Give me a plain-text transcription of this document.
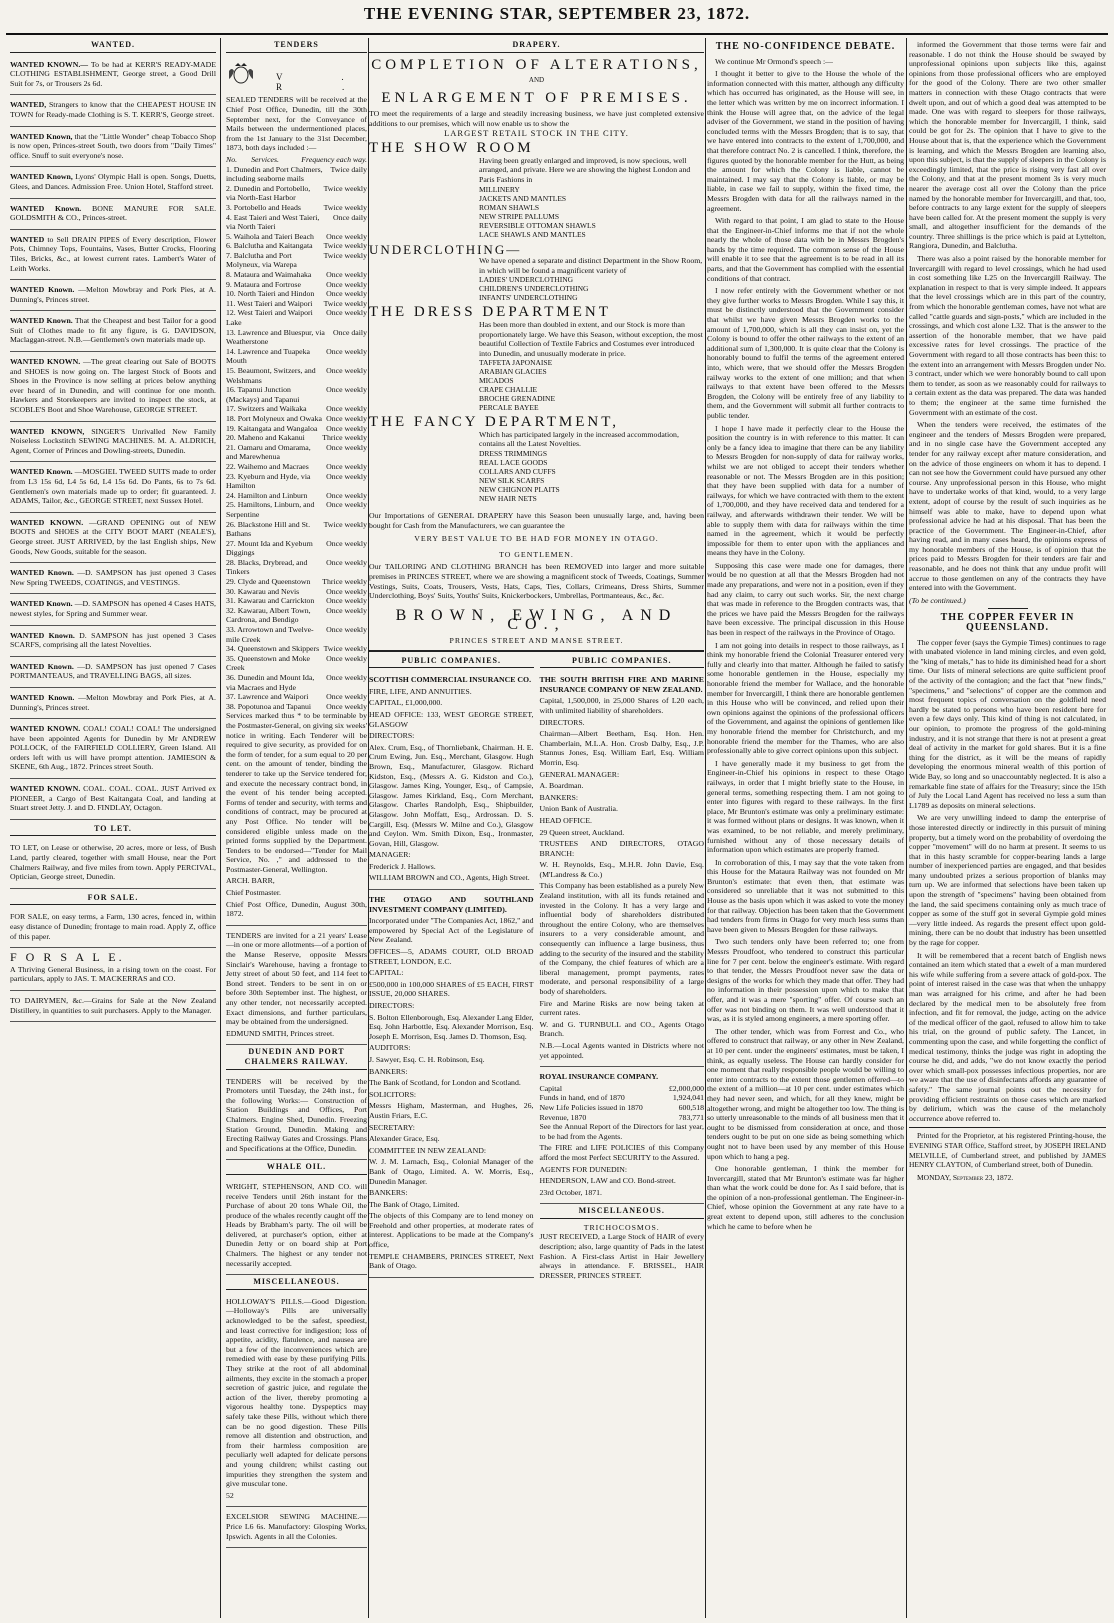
THE EVENING STAR, SEPTEMBER 23, 1872.
WANTED.

WANTED KNOWN.— To be had at KERR'S READY-MADE CLOTHING ESTABLISHMENT, George street, a Good Drill Suit for 7s, or Trousers 2s 6d.

WANTED, Strangers to know that the CHEAPEST HOUSE IN TOWN for Ready-made Clothing is S. T. KERR'S, George street.

WANTED Known, that the "Little Wonder" cheap Tobacco Shop is now open, Princes-street South, two doors from "Daily Times" office. Snuff to suit everyone's nose.

WANTED Known, Lyons' Olympic Hall is open. Songs, Duetts, Glees, and Dances. Admission Free. Union Hotel, Stafford street.

WANTED Known. BONE MANURE FOR SALE. GOLDSMITH & CO., Princes-street.

WANTED to Sell DRAIN PIPES of Every description, Flower Pots, Chimney Tops, Fountains, Vases, Butter Crocks, Flooring Tiles, Bricks, &c., at lowest current rates. Lambert's Water of Leith Works.

WANTED Known. —Melton Mowbray and Pork Pies, at A. Dunning's, Princes street.

WANTED Known. That the Cheapest and best Tailor for a good Suit of Clothes made to fit any figure, is G. DAVIDSON, Maclaggan-street. N.B.—Gentlemen's own materials made up.

WANTED KNOWN. —The great clearing out Sale of BOOTS and SHOES is now going on. The largest Stock of Boots and Shoes in the Province is now selling at prices below anything ever heard of in Dunedin, and will continue for one month. Hawkers and Storekeepers are invited to inspect the stock, at SCOBLE'S Boot and Shoe Warehouse, GEORGE STREET.

WANTED KNOWN, SINGER'S Unrivalled New Family Noiseless Lockstitch SEWING MACHINES. M. A. ALDRICH, Agent, Corner of Princes and Dowling-streets, Dunedin.

WANTED Known. —MOSGIEL TWEED SUITS made to order from L3 15s 6d, L4 5s 6d, L4 15s 6d. Do Pants, 6s to 7s 6d. Gentlemen's own materials made up to order; fit guaranteed. J. ADAMS, Tailor, &c., GEORGE STREET, next Sussex Hotel.

WANTED KNOWN. —GRAND OPENING out of NEW BOOTS and SHOES at the CITY BOOT MART (NEALE'S), George street. JUST ARRIVED, by the last English ships, New Goods, New Goods, suitable for the season.

WANTED Known. —D. SAMPSON has just opened 3 Cases New Spring TWEEDS, COATINGS, and VESTINGS.

WANTED Known. —D. SAMPSON has opened 4 Cases HATS, newest styles, for Spring and Summer wear.

WANTED Known. D. SAMPSON has just opened 3 Cases SCARFS, comprising all the latest Novelties.

WANTED Known. —D. SAMPSON has just opened 7 Cases PORTMANTEAUS, and TRAVELLING BAGS, all sizes.

WANTED Known. —Melton Mowbray and Pork Pies, at A. Dunning's, Princes street.

WANTED KNOWN. COAL! COAL! COAL! The undersigned have been appointed Agents for Dunedin by Mr ANDREW POLLOCK, of the FAIRFIELD COLLIERY, Green Island. All orders left with us will have prompt attention. JAMIESON & SKENE, 6th Aug., 1872. Princes street South.

WANTED KNOWN. COAL. COAL. COAL. JUST Arrived ex PIONEER, a Cargo of Best Kaitangata Coal, and landing at Stuart street Jetty. J. and D. FINDLAY, Octagon.

TO LET.

TO LET, on Lease or otherwise, 20 acres, more or less, of Bush Land, partly cleared, together with small House, near the Port Chalmers Railway, and five miles from town. Apply PERCIVAL, Optician, George street, Dunedin.

FOR SALE.

FOR SALE, on easy terms, a Farm, 130 acres, fenced in, within easy distance of Dunedin; frontage to main road. Apply Z, office of this paper.

F O R S A L E.

A Thriving General Business, in a rising town on the coast. For particulars, apply to JAS. T. MACKERRAS and CO.

TO DAIRYMEN, &c.—Grains for Sale at the New Zealand Distillery, in quantities to suit purchasers. Apply to the Manager.

TENDERS
V. R.

SEALED TENDERS will be received at the Chief Post Office, Dunedin, till the 30th September next, for the Conveyance of Mails between the undermentioned places, from the 1st January to the 31st December, 1873, both days included :—

No.	Services.	Frequency each way.
1. Dunedin and Port Chalmers, including seaborne mails
Twice daily
2. Dunedin and Portobello, via North-East Harbor
Twice weekly
3. Portobello and Heads	Twice weekly
4. East Taieri and West Taieri, via North Taieri
Once daily
5. Waihola and Taieri Beach	Once weekly
6. Balclutha and Kaitangata	Twice weekly
7. Balclutha and Port Molyneux, via Warepa
Twice weekly
8. Mataura and Waimahaka	Once weekly
9. Mataura and Fortrose	Once weekly
10. North Taieri and Hindon	Once weekly
11. West Taieri and Waipori	Twice weekly
12. West Taieri and Waipori Lake
Once weekly
13. Lawrence and Bluespur, via Weatherstone
Once daily
14. Lawrence and Tuapeka Mouth
Once weekly
15. Beaumont, Switzers, and Welshmans
Once weekly
16. Tapanui Junction (Mackays) and Tapanui
Once weekly
17. Switzers and Waikaka	Once weekly
18. Port Molyneux and Owaka Once weekly
19. Kaitangata and Wangaloa	Once weekly
20. Maheno and Kakanui	Thrice weekly
21. Oamaru and Omarama, and Marewhenua
Once weekly
22. Waihemo and Macraes	Once weekly
23. Kyeburn and Hyde, via Hamilton
Once weekly
24. Hamilton and Linburn	Once weekly
25. Hamiltons, Linburn, and Serpentine
Once weekly
26. Blackstone Hill and St. Bathans
Twice weekly
27. Mount Ida and Kyeburn Diggings
Once weekly
28. Blacks, Drybread, and Tinkers
Once weekly
29. Clyde and Queenstown	Thrice weekly
30. Kawarau and Nevis	Once weekly
31. Kawarau and Carrickton	Once weekly
32. Kawarau, Albert Town, Cardrona, and Bendigo
Once weekly
33. Arrowtown and Twelve-mile Creek
Once weekly
34. Queenstown and Skippers Twice weekly
35. Queenstown and Moke Creek
Once weekly
36. Dunedin and Mount Ida, via Macraes and Hyde
Once weekly
37. Lawrence and Waipori	Once weekly
38. Popotunoa and Tapanui	Once weekly

Services marked thus * to be terminable by the Postmaster-General, on giving six weeks' notice in writing. Each Tenderer will be required to give security, as provided for on the form of tender, for a sum equal to 20 per cent. on the amount of tender, binding the tenderer to take up the Service tendered for, and execute the necessary contract bond, in the event of his tender being accepted. Forms of tender and security, with terms and conditions of contract, may be procured at any Post Office. No tender will be considered eligible unless made on the printed forms supplied by the Department. Tenders to be endorsed—"Tender for Mail Service, No. ," and addressed to the Postmaster-General, Wellington.

ARCH. BARR,

Chief Postmaster.

Chief Post Office, Dunedin, August 30th, 1872.

TENDERS are invited for a 21 years' Lease—in one or more allotments—of a portion of the Manse Reserve, opposite Messrs Sinclair's Warehouse, having a frontage to Jetty street of about 50 feet, and 114 feet to Bond street. Tenders to be sent in on or before 30th September inst. The highest, or any other tender, not necessarily accepted. Exact dimensions, and further particulars, may be obtained from the undersigned.

EDMUND SMITH, Princes street.

DUNEDIN AND PORT CHALMERS RAILWAY.

TENDERS will be received by the Promoters until Tuesday, the 24th inst., for the following Works:— Construction of Station Buildings and Offices, Port Chalmers. Engine Shed, Dunedin. Freezing Station Ground, Dunedin. Making and Erecting Railway Gates and Crossings. Plans and Specifications at the Office, Dunedin.

WHALE OIL.

WRIGHT, STEPHENSON, AND CO. will receive Tenders until 26th instant for the Purchase of about 20 tons Whale Oil, the produce of the whales recently caught off the Heads by Brabham's party. The oil will be delivered, at purchaser's option, either at Dunedin Jetty or on board ship at Port Chalmers. The highest or any tender not necessarily accepted.

MISCELLANEOUS.

HOLLOWAY'S PILLS.—Good Digestion.—Holloway's Pills are universally acknowledged to be the safest, speediest, and least corrective for indigestion; loss of appetite, acidity, flatulence, and nausea are but a few of the inconveniences which are remedied with ease by these purifying Pills. They strike at the root of all abdominal ailments, they excite in the stomach a proper secretion of gastric juice, and regulate the action of the liver, thereby promoting a vigorous healthy tone. Dyspeptics may safely take these Pills, without which there can be no good digestion. These Pills remove all distention and obstruction, and from their harmless composition are peculiarly well adapted for delicate persons and young children; whilst casting out impurities they strengthen the system and give muscular tone.

52

EXCELSIOR SEWING MACHINE.— Price L6 6s. Manufactory: Glosping Works, Ipswich. Agents in all the Colonies.

DRAPERY.
COMPLETION OF ALTERATIONS,
AND
ENLARGEMENT OF PREMISES.

TO meet the requirements of a large and steadily increasing business, we have just completed extensive additions to our premises, which will now enable us to show the

LARGEST RETAIL STOCK IN THE CITY.

THE SHOW ROOM

Having been greatly enlarged and improved, is now specious, well arranged, and private. Here we are showing the highest London and Paris Fashions in

MILLINERY
JACKETS AND MANTLES
ROMAN SHAWLS
NEW STRIPE PALLUMS
REVERSIBLE OTTOMAN SHAWLS
LACE SHAWLS AND MANTLES
UNDERCLOTHING—

We have opened a separate and distinct Department in the Show Room, in which will be found a magnificent variety of

LADIES' UNDERCLOTHING
CHILDREN'S UNDERCLOTHING
INFANTS' UNDERCLOTHING
THE DRESS DEPARTMENT

Has been more than doubled in extent, and our Stock is more than proportionately large. We have this Season, without exception, the most beautiful Collection of Textile Fabrics and Costumes ever introduced into Dunedin, and unusually moderate in price.

TAFFETA JAPONAISE
ARABIAN GLACIES
MICADOS
CRAPE CHALLIE
BROCHE GRENADINE
PERCALE BAYEE
THE FANCY DEPARTMENT,

Which has participated largely in the increased accommodation, contains all the Latest Novelties.

DRESS TRIMMINGS
REAL LACE GOODS
COLLARS AND CUFFS
NEW SILK SCARFS
NEW CHIGNON PLAITS
NEW HAIR NETS

Our Importations of GENERAL DRAPERY have this Season been unusually large, and, having been bought for Cash from the Manufacturers, we can guarantee the

VERY BEST VALUE TO BE HAD FOR MONEY IN OTAGO.

TO GENTLEMEN.

Our TAILORING AND CLOTHING BRANCH has been REMOVED into larger and more suitable premises in PRINCES STREET, where we are showing a magnificent stock of Tweeds, Coatings, Summer Vestings, Suits, Coats, Trousers, Vests, Hats, Caps, Ties, Collars, Crimeans, Dress Shirts, Summer Underclothing, Boys' Suits, Youths' Suits, Knickerbockers, Umbrellas, Portmanteaus, &c., &c.

BROWN, EWING, AND CO.,

PRINCES STREET AND MANSE STREET.

PUBLIC COMPANIES.

SCOTTISH COMMERCIAL INSURANCE CO.

FIRE, LIFE, AND ANNUITIES.

CAPITAL, £1,000,000.

HEAD OFFICE: 133, WEST GEORGE STREET, GLASGOW

DIRECTORS:

Alex. Crum, Esq., of Thornliebank, Chairman. H. E. Crum Ewing, Jun. Esq., Merchant, Glasgow. Hugh Brown, Esq., Manufacturer, Glasgow. Richard Kidston, Esq., (Messrs A. G. Kidston and Co.), Glasgow. James King, Younger, Esq., of Campsie, Glasgow. James Kirkland, Esq., Corn Merchant, Glasgow. Charles Randolph, Esq., Shipbuilder, Glasgow. John Moffatt, Esq., Ardrossan. D. S. Cargill, Esq. (Messrs W. Milne and Co.), Glasgow and Ceylon. Wm. Smith Dixon, Esq., Ironmaster, Govan, Hill, Glasgow.

MANAGER:

Frederick J. Hallows.

WILLIAM BROWN and CO., Agents, High Street.

THE OTAGO AND SOUTHLAND INVESTMENT COMPANY (LIMITED).

Incorporated under "The Companies Act, 1862," and empowered by Special Act of the Legislature of New Zealand.

OFFICES—5, ADAMS COURT, OLD BROAD STREET, LONDON, E.C.

CAPITAL:

£500,000 in 100,000 SHARES of £5 EACH, FIRST ISSUE, 20,000 SHARES.

DIRECTORS:

S. Bolton Ellenborough, Esq. Alexander Lang Elder, Esq. John Harbottle, Esq. Alexander Morrison, Esq. Joseph E. Morrison, Esq. James D. Thomson, Esq.

AUDITORS:

J. Sawyer, Esq. C. H. Robinson, Esq.

BANKERS:

The Bank of Scotland, for London and Scotland.

SOLICITORS:

Messrs Higham, Masterman, and Hughes, 26, Austin Friars, E.C.

SECRETARY:

Alexander Grace, Esq.

COMMITTEE IN NEW ZEALAND:

W. J. M. Larnach, Esq., Colonial Manager of the Bank of Otago, Limited. A. W. Morris, Esq., Dunedin Manager.

BANKERS:

The Bank of Otago, Limited.

The objects of this Company are to lend money on Freehold and other properties, at moderate rates of interest. Applications to be made at the Company's office,

TEMPLE CHAMBERS, PRINCES STREET, Next Bank of Otago.

PUBLIC COMPANIES.

THE SOUTH BRITISH FIRE AND MARINE INSURANCE COMPANY OF NEW ZEALAND.

Capital, 1,500,000, in 25,000 Shares of L20 each, with unlimited liability of shareholders.

DIRECTORS.

Chairman—Albert Beetham, Esq. Hon. Hen. Chamberlain, M.L.A. Hon. Crosb Dalby, Esq., J.P. Stannus Jones, Esq. William Earl, Esq. William Morrin, Esq.

GENERAL MANAGER:

A. Boardman.

BANKERS:

Union Bank of Australia.

HEAD OFFICE.

29 Queen street, Auckland.

TRUSTEES AND DIRECTORS, OTAGO BRANCH:

W. H. Reynolds, Esq., M.H.R. John Davie, Esq. (M'Landress & Co.)

This Company has been established as a purely New Zealand institution, with all its funds retained and invested in the Colony. It has a very large and influential body of shareholders distributed throughout the entire Colony, who are themselves insurers to a very considerable amount, and consequently can influence a large business, thus adding to the security of the insured and the stability of the Company, the chief features of which are a liberal management, prompt payments, rates moderate, and personal responsibility of a large body of shareholders.

Fire and Marine Risks are now being taken at current rates.

W. and G. TURNBULL and CO., Agents Otago Branch.

N.B.—Local Agents wanted in Districts where not yet appointed.

ROYAL INSURANCE COMPANY.

Capital	£2,000,000
Funds in hand, end of 1870	1,924,041
New Life Policies issued in 1870	600,518
Revenue, 1870	783,771

See the Annual Report of the Directors for last year, to be had from the Agents.

The FIRE and LIFE POLICIES of this Company afford the most Perfect SECURITY to the Assured.

AGENTS FOR DUNEDIN:

HENDERSON, LAW and CO. Bond-street.

23rd October, 1871.

MISCELLANEOUS.

TRICHOCOSMOS.

JUST RECEIVED, a Large Stock of HAIR of every description; also, large quantity of Pads in the latest Fashion. A First-class Artist in Hair Jewellery always in attendance. F. BRISSEL, HAIR DRESSER, PRINCES STREET.

THE NO-CONFIDENCE DEBATE.

We continue Mr Ormond's speech :—

I thought it better to give to the House the whole of the information connected with this matter, although any difficulty which has occurred has originated, as the House will see, in the letter which was written by me on incorrect information. I think the House will agree that, on the advice of the legal adviser of the Government, we stand in the position of having concluded terms with the Messrs Brogden; that is to say, that we have entered into contracts to the extent of 1,700,000, and that therefore contract No. 2 is cancelled. I think, therefore, the figures quoted by the honorable member for the Hutt, as being the amount for which the Colony is liable, cannot be maintained. I may say that the Colony is liable, or may be liable, in case we fail to supply, within the fixed time, the Messrs Brogden with data for all the railways named in the agreement.

With regard to that point, I am glad to state to the House that the Engineer-in-Chief informs me that if not the whole nearly the whole of those data with be in Messrs Brogden's hands by the time required. The common sense of the House will enable it to see that the agreement is to be read in all its parts, and that the Government has complied with the essential conditions of that contract.

I now refer entirely with the Government whether or not they give further works to Messrs Brogden. While I say this, it must be distinctly understood that the Government consider that whilst we have given Messrs Brogden works to the amount of 1,700,000, which is all they can insist on, yet the Colony is bound to offer the other railways to the extent of an additional sum of 1,300,000. It is quite clear that the Colony is honorably bound to fulfil the terms of the agreement entered into, which were, that we should offer the Messrs Brogden railway works to the extent of one million; and that when railways to that extent have been offered to the Messrs Brogden, the Colony will be entirely free of any liability to them, and the Government will submit all further contracts to public tender.

I hope I have made it perfectly clear to the House the position the country is in with reference to this matter. It can only be a fancy idea to imagine that there can be any liability to Messrs Brogden for non-supply of data for railway works, whilst we are not obliged to accept their tenders whether reasonable or not. The Messrs Brogden are in this position; that they have been supplied with data for a number of railways, for which we have contracted with them to the extent of 1,700,000, and they have received data and tendered for a railway, and afterwards withdrawn their tender. We will be able to supply them with data for railways within the time named in the agreement, which it would be perfectly impossible for them to enter upon with the appliances and means they have in the Colony.

Supposing this case were made one for damages, there would be no question at all that the Messrs Brogden had not made any preparations, and were not in a position, even if they had any claim, to carry out such works. Sir, the next charge that was made in reference to the Brogden contracts was, that the prices we have paid the Messrs Brogden for the railways have been excessive. The principal discussion in this House has been in respect of the railways in the Province of Otago.

I am not going into details in respect to those railways, as I think my honorable friend the Colonial Treasurer entered very fully and clearly into that matter. Although he failed to satisfy some honorable gentlemen in the House, especially my honorable friend the member for Wallace, and the honorable member for Invercargill, I think there are honorable gentlemen in this House who will be convinced, and relied upon their own opinions against the opinions of the professional officers of the Government, and against the opinions of gentlemen like my honorable friend the member for Christchurch, and my honorable friend the member for the Thames, who are also professionally able to give correct opinions upon this subject.

I have generally made it my business to get from the Engineer-in-Chief his opinions in respect to these Otago railways, in order that I might briefly state to the House, in general terms, something respecting them. I am not going to enter into figures with regard to these railways. In the first place, Mr Brunton's estimate was only a preliminary estimate: it was formed without plans or designs. It was known, when it was examined, to be not reliable, and merely preliminary, furnished without any of those necessary details of information upon which estimates are properly framed.

In corroboration of this, I may say that the vote taken from this House for the Mataura Railway was not founded on Mr Brunton's estimate: that even then, that estimate was considered so unreliable that it was not submitted to this House as the basis upon which it was asked to vote the money for that railway. Objection has been taken that the Government had tenders from firms in Otago for very much less sums than have been given to Messrs Brogden for these railways.

Two such tenders only have been referred to; one from Messrs Proudfoot, who tendered to construct this particular line for 7 per cent. below the engineer's estimate. With regard to that tender, the Messrs Proudfoot never saw the data or designs of the works for which they made that offer. They had no information in their possession upon which to make that offer, and it was a mere "sporting" offer. Of course such an offer was not binding on them. It was well understood that it was, as it is styled among engineers, a mere sporting offer.

The other tender, which was from Forrest and Co., who offered to construct that railway, or any other in New Zealand, at 10 per cent. under the engineers' estimates, must be taken, I think, as equally useless. The House can hardly consider for one moment that really responsible people would be willing to enter into contracts to the extent those gentlemen offered—to the extent of a million—at 10 per cent. under estimates which they had never seen, and which, for all they knew, might be altogether wrong, and might be altogether too low. The thing is so utterly unreasonable to the minds of all business men that it ought to be dismissed from consideration at once, and those tenders ought to be put on one side as being something which ought not to have been used by any member of this House upon which to hang a peg.

One honorable gentleman, I think the member for Invercargill, stated that Mr Brunton's estimate was far higher than what the work could be done for. As I said before, that is the opinion of a non-professional gentleman. The Engineer-in-Chief, whose opinion the Government at any rate have to a great extent to depend upon, still adheres to the conclusion which he came to before when he

informed the Government that those terms were fair and reasonable. I do not think the House should be swayed by unprofessional opinions upon subjects like this, against opinions from those professional officers who are employed for the good of the Colony. There are two other smaller matters in connection with these Otago contracts that were dwelt upon, and out of which a good deal was attempted to be made. One was with regard to sleepers for those railways, which the honorable member for Invercargill, I think, said could be got for 2s. The opinion that I have to give to the House about that is, that the experience which the Government is learning, and which the Messrs Brogden are learning also, upon this subject, is that the supply of sleepers in the Colony is exceedingly limited, that the price is rising very fast all over the Colony, and that at the present moment 3s is very much nearer the average cost all over the Colony than the price named by the honorable member for Invercargill, and that, too, before contracts to any large extent for the supply of sleepers have been called for. At the present moment the supply is very small, and altogether insufficient for the demands of the country. Three shillings is the price which is paid at Lyttelton, Rangiora, Dunedin, and Balclutha.

There was also a point raised by the honorable member for Invercargill with regard to level crossings, which he had used in cost something like L25 on the Invercargill Railway. The explanation in respect to that is very simple indeed. It appears that the level crossings which are in this part of the country, from which the honorable gentleman comes, have not what are called "cattle guards and sign-posts," which are included in the crossings, and which cost alone L32. That is the answer to the assertion of the honorable member, that we have paid excessive rates for level crossings. The practice of the Government with regard to all those contracts has been this: to the extent into an arrangement with Messrs Brogden under No. 3 contract, under which we were honorably bound to call upon them to tender, as soon as we reasonably could for railways to a certain extent as the data was prepared. The data was handed to them; the engineer at the same time furnished the Government with an estimate of the cost.

When the tenders were received, the estimates of the engineer and the tenders of Messrs Brogden were prepared, and in no single case have the Government accepted any tender for any railway except after mature consideration, and on the advice of those engineers on whom it has to depend. I can not see how the Government could have pursued any other course. Any unprofessional person in this House, who might have to undertake works of that kind, would, to a very large extent, adopt of course by the result of such inquiries as he himself was able to make, have to depend upon what professional advice he had at his disposal. That has been the practice of the Government. The Engineer-in-Chief, after having read, and in many cases heard, the opinions express of my honorable members of the House, is of opinion that the prices paid to Messrs Brogden for their tenders are fair and reasonable, and he does not think that any undue profit will accrue to those gentlemen on any of the contracts they have entered into with the Government.

(To be continued.)

THE COPPER FEVER IN QUEENSLAND.

The copper fever (says the Gympie Times) continues to rage with unabated violence in land mining circles, and even gold, the "king of metals," has to hide its diminished head for a short time. Our lists of mineral selections are quite sufficient proof of the activity of the contagion; and the fact that "new finds," "specimens," and "selections" of copper are the common and most frequent topics of conversation on the goldfield need hardly be stated to persons who have been resident here for even a few days only. This kind of thing is not calculated, in our opinion, to promote the progress of the gold-mining industry, and it is not strange that there is not at present a great deal of activity in the market for gold shares. But it is a fine thing for the district, as it will be the means of rapidly developing the enormous mineral wealth of this portion of Wide Bay, so long and so unaccountably neglected. It is also a remarkable fine state of affairs for the Treasury; since the 15th of July the Local Land Agent has received no less a sum than L1789 as deposits on mineral selections.

We are very unwilling indeed to damp the enterprise of those interested directly or indirectly in this pursuit of mining property, but a timely word on the probability of overdoing the copper "movement" will do no harm at present. It seems to us that in this hasty scramble for copper-bearing lands a large number of inexperienced parties are engaged, and that besides many undoubted prizes a serious proportion of blanks may turn up. We are informed that selections have been taken up upon the strength of "specimens" having been obtained from the land, the said specimens containing only as much trace of copper as some of the stuff got in several Gympie gold mines—very little indeed. As regards the present effect upon gold-mining, there can be no doubt that industry has been unsettled by the rage for copper.

It will be remembered that a recent batch of English news contained an item which stated that a ewelt of a man murdered his wife while suffering from a severe attack of gold-pox. The point of interest raised in the case was that when the unhappy man was arraigned for his crime, and after he had been declared by the medical men to be absolutely free from infection, and fit for removal, the judge, acting on the advice of the medical officer of the gaol, refused to allow him to take his trial, on the ground of public safety. The Lancet, in commenting upon the case, and while forgetting the conflict of medical testimony, thinks the judge was right in adopting the course he did, and adds, "we do not know exactly the period over which small-pox possesses infectious properties, nor are we aware that the use of disinfectants affords any guarantee of safety." The same journal points out the necessity for providing efficient restraints on those cases which are marked by delirium, which was the cause of the melancholy occurrence above referred to.

Printed for the Proprietor, at his registered Printing-house, the EVENING STAR Office, Stafford street, by JOSEPH IRELAND MELVILLE, of Cumberland street, and published by JAMES HENRY CLAYTON, of Cumberland street, both of Dunedin.

MONDAY, September 23, 1872.
